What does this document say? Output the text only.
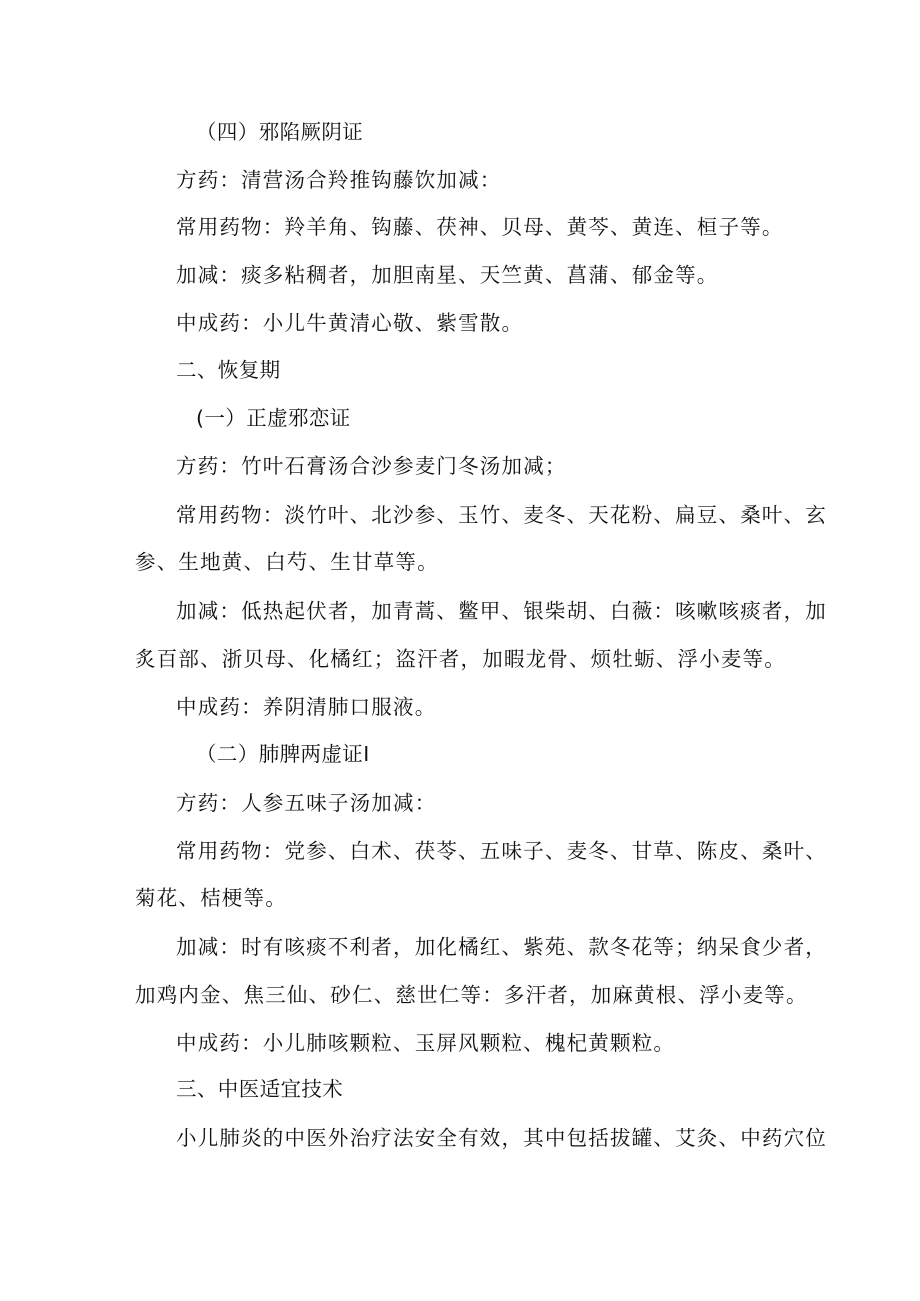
（四）邪陷厥阴证
方药：清营汤合羚推钩藤饮加减：
常用药物：羚羊角、钩藤、茯神、贝母、黄芩、黄连、桓子等。
加减：痰多粘稠者，加胆南星、天竺黄、菖蒲、郁金等。
中成药：小儿牛黄清心敬、紫雪散。
二、恢复期
(一）正虚邪恋证
方药：竹叶石膏汤合沙参麦门冬汤加减；
常用药物：淡竹叶、北沙参、玉竹、麦冬、天花粉、扁豆、桑叶、玄
参、生地黄、白芍、生甘草等。
加减：低热起伏者，加青蒿、鳖甲、银柴胡、白薇：咳嗽咳痰者，加
炙百部、浙贝母、化橘红；盗汗者，加暇龙骨、烦牡蛎、浮小麦等。
中成药：养阴清肺口服液。
（二）肺脾两虚证I
方药：人参五味子汤加减：
常用药物：党参、白术、茯苓、五味子、麦冬、甘草、陈皮、桑叶、
菊花、桔梗等。
加减：时有咳痰不利者，加化橘红、紫苑、款冬花等；纳呆食少者，
加鸡内金、焦三仙、砂仁、慈世仁等：多汗者，加麻黄根、浮小麦等。
中成药：小儿肺咳颗粒、玉屏风颗粒、槐杞黄颗粒。
三、中医适宜技术
小儿肺炎的中医外治疗法安全有效，其中包括拔罐、艾灸、中药穴位
